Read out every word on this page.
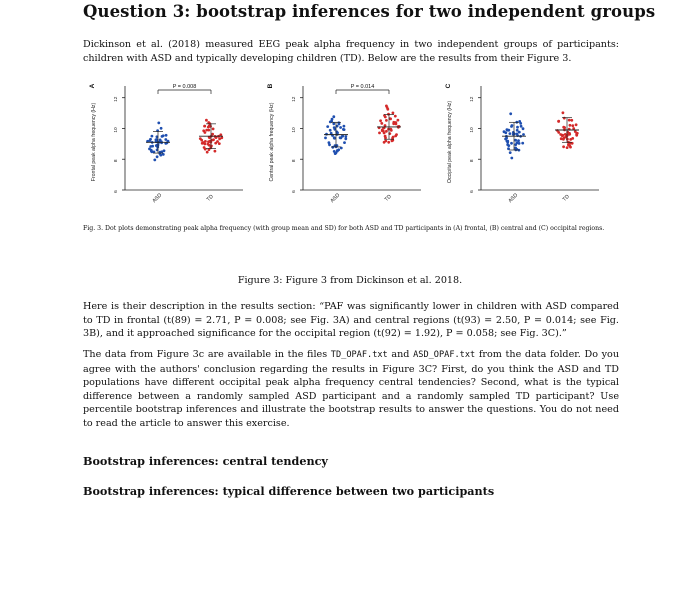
Question 3: bootstrap inferences for two independent groups

Dickinson et al. (2018) measured EEG peak alpha frequency in two independent groups of participants: children with ASD and typically developing children (TD). Below are the results from their Figure 3.

A
Frontal peak alpha frequency (Hz)
12
10
8
6
ASD	TD
P = 0.008	B
Central peak alpha frequency (Hz)
12
10
8
6
ASD	TD
P = 0.014	C
Occipital peak alpha frequency (Hz)
12
10
8
6
ASD	TD

Fig. 3. Dot plots demonstrating peak alpha frequency (with group mean and SD) for both ASD and TD participants in (A) frontal, (B) central and (C) occipital regions.

Figure 3: Figure 3 from Dickinson et al. 2018.

Here is their description in the results section: “PAF was significantly lower in children with ASD compared to TD in frontal (t(89) = 2.71, P = 0.008; see Fig. 3A) and central regions (t(93) = 2.50, P = 0.014; see Fig. 3B), and it approached significance for the occipital region (t(92) = 1.92), P = 0.058; see Fig. 3C).”

The data from Figure 3c are available in the files TD_OPAF.txt and ASD_OPAF.txt from the data folder. Do you agree with the authors' conclusion regarding the results in Figure 3C? First, do you think the ASD and TD populations have different occipital peak alpha frequency central tendencies? Second, what is the typical difference between a randomly sampled ASD participant and a randomly sampled TD participant? Use percentile bootstrap inferences and illustrate the bootstrap results to answer the questions. You do not need to read the article to answer this exercise.

Bootstrap inferences: central tendency
Bootstrap inferences: typical difference between two participants
